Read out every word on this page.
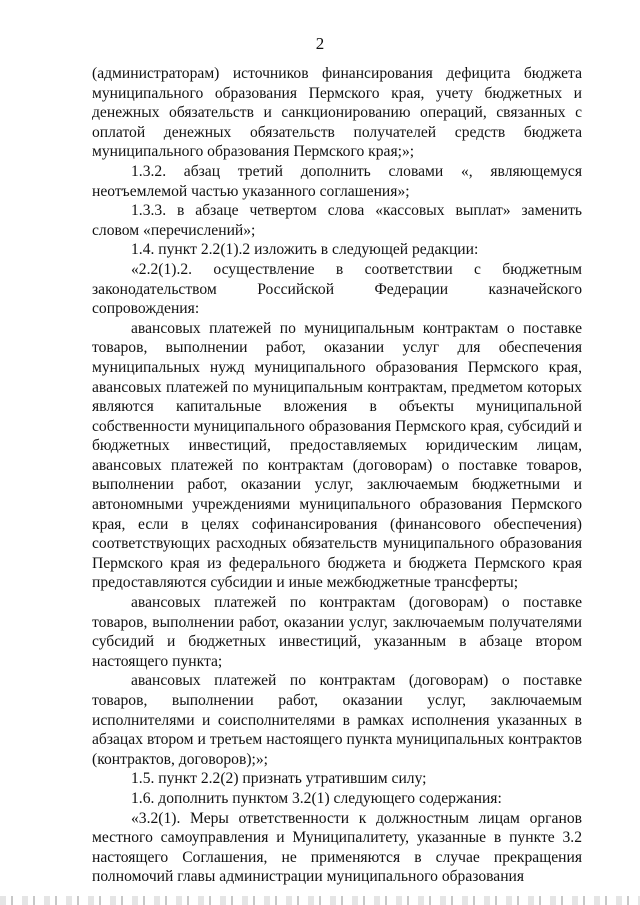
2

(администраторам) источников финансирования дефицита бюджета муниципального образования Пермского края, учету бюджетных и денежных обязательств и санкционированию операций, связанных с оплатой денежных обязательств получателей средств бюджета муниципального образования Пермского края;»;

1.3.2. абзац третий дополнить словами «, являющемуся неотъемлемой частью указанного соглашения»;

1.3.3. в абзаце четвертом слова «кассовых выплат» заменить словом «перечислений»;

1.4. пункт 2.2(1).2 изложить в следующей редакции:

«2.2(1).2. осуществление в соответствии с бюджетным законодательством Российской Федерации казначейского сопровождения:

авансовых платежей по муниципальным контрактам о поставке товаров, выполнении работ, оказании услуг для обеспечения муниципальных нужд муниципального образования Пермского края, авансовых платежей по муниципальным контрактам, предметом которых являются капитальные вложения в объекты муниципальной собственности муниципального образования Пермского края, субсидий и бюджетных инвестиций, предоставляемых юридическим лицам, авансовых платежей по контрактам (договорам) о поставке товаров, выполнении работ, оказании услуг, заключаемым бюджетными и автономными учреждениями муниципального образования Пермского края, если в целях софинансирования (финансового обеспечения) соответствующих расходных обязательств муниципального образования Пермского края из федерального бюджета и бюджета Пермского края предоставляются субсидии и иные межбюджетные трансферты;

авансовых платежей по контрактам (договорам) о поставке товаров, выполнении работ, оказании услуг, заключаемым получателями субсидий и бюджетных инвестиций, указанным в абзаце втором настоящего пункта;

авансовых платежей по контрактам (договорам) о поставке товаров, выполнении работ, оказании услуг, заключаемым исполнителями и соисполнителями в рамках исполнения указанных в абзацах втором и третьем настоящего пункта муниципальных контрактов (контрактов, договоров);»;

1.5. пункт 2.2(2) признать утратившим силу;

1.6. дополнить пунктом 3.2(1) следующего содержания:

«3.2(1). Меры ответственности к должностным лицам органов местного самоуправления и Муниципалитету, указанные в пункте 3.2 настоящего Соглашения, не применяются в случае прекращения полномочий главы администрации муниципального образования
